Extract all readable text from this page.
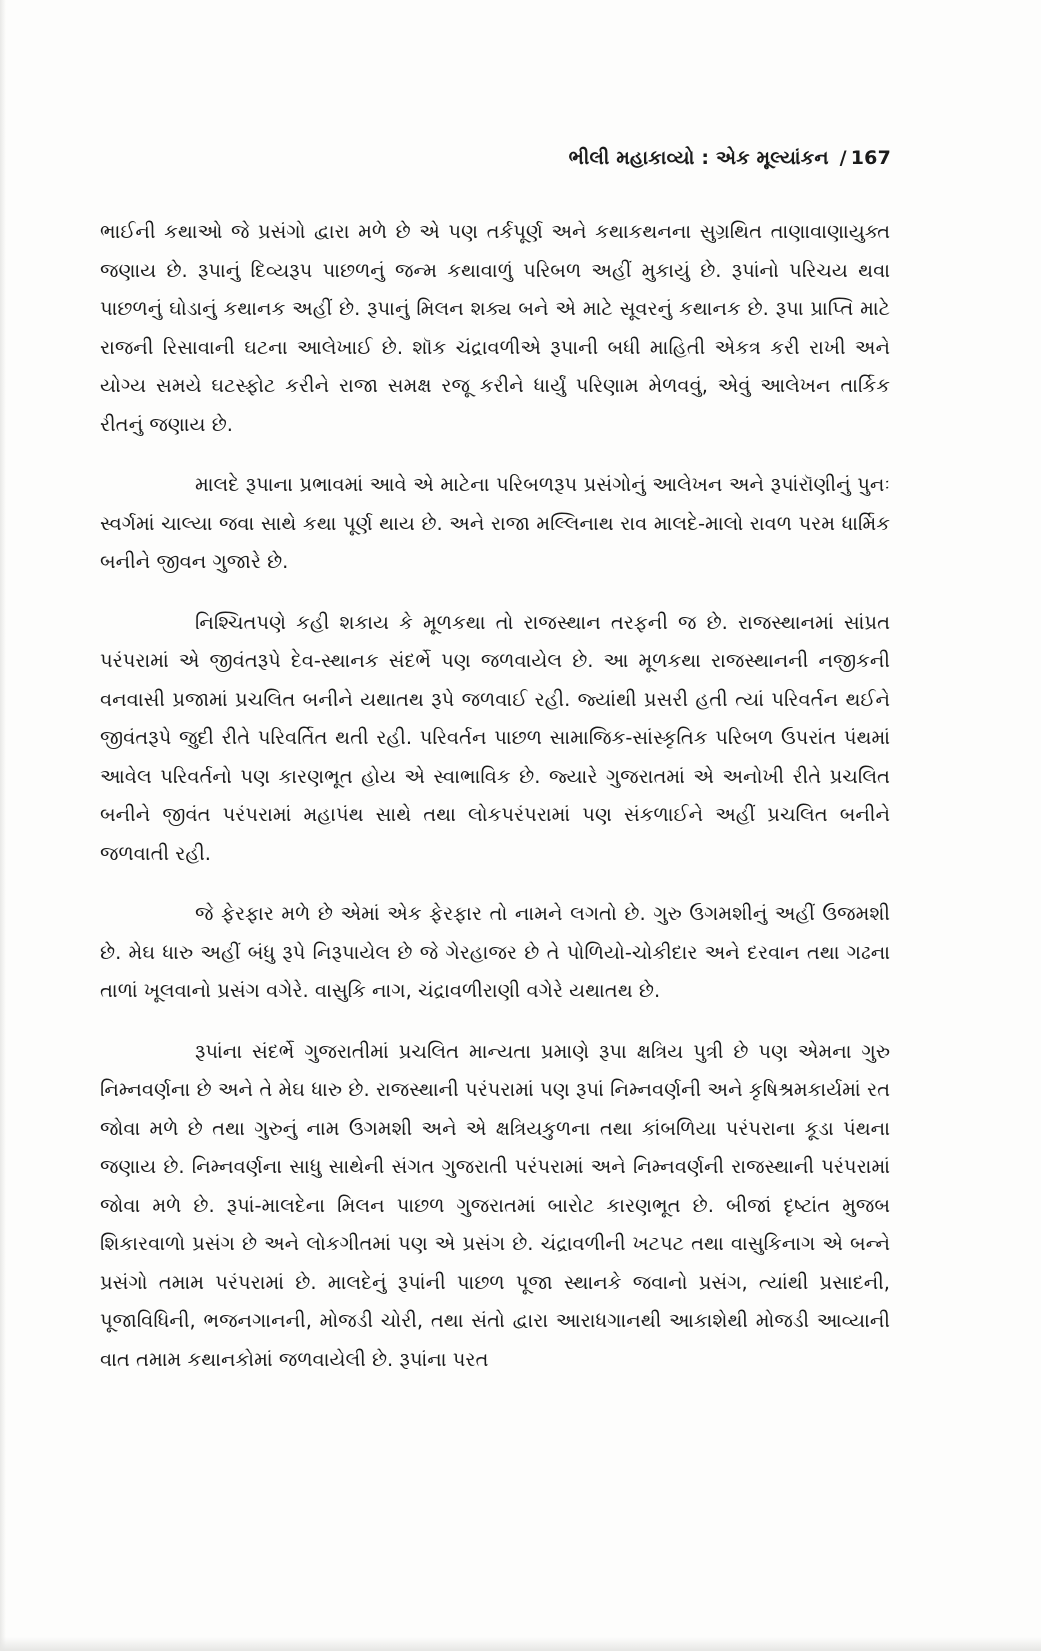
ભીલી મહાકાવ્યો : એક મૂલ્યાંકન / 167

ભાઈની કથાઓ જે પ્રસંગો દ્વારા મળે છે એ પણ તર્કપૂર્ણ અને કથાકથનના સુગ્રથિત તાણાવાણાયુક્ત જણાય છે. રૂપાનું દિવ્યરૂપ પાછળનું જન્મ કથાવાળું પરિબળ અહીં મુકાયું છે. રૂપાંનો પરિચય થવા પાછળનું ઘોડાનું કથાનક અહીં છે. રૂપાનું મિલન શક્ય બને એ માટે સૂવરનું કથાનક છે. રૂપા પ્રાપ્તિ માટે રાજની રિસાવાની ઘટના આલેખાઈ છે. શૉક ચંદ્રાવળીએ રૂપાની બધી માહિતી એકત્ર કરી રાખી અને યોગ્ય સમયે ઘટસ્ફોટ કરીને રાજા સમક્ષ રજૂ કરીને ધાર્યું પરિણામ મેળવવું, એવું આલેખન તાર્કિક રીતનું જણાય છે.

માલદે રૂપાના પ્રભાવમાં આવે એ માટેના પરિબળરૂપ પ્રસંગોનું આલેખન અને રૂપાંરૉણીનું પુનઃ સ્વર્ગમાં ચાલ્યા જવા સાથે કથા પૂર્ણ થાય છે. અને રાજા મલ્લિનાથ રાવ માલદે-માલો રાવળ પરમ ધાર્મિક બનીને જીવન ગુજારે છે.

નિશ્ચિતપણે કહી શકાય કે મૂળકથા તો રાજસ્થાન તરફની જ છે. રાજસ્થાનમાં સાંપ્રત પરંપરામાં એ જીવંતરૂપે દેવ-સ્થાનક સંદર્ભે પણ જળવાયેલ છે. આ મૂળકથા રાજસ્થાનની નજીકની વનવાસી પ્રજામાં પ્રચલિત બનીને યથાતથ રૂપે જળવાઈ રહી. જ્યાંથી પ્રસરી હતી ત્યાં પરિવર્તન થઈને જીવંતરૂપે જુદી રીતે પરિવર્તિત થતી રહી. પરિવર્તન પાછળ સામાજિક-સાંસ્કૃતિક પરિબળ ઉપરાંત પંથમાં આવેલ પરિવર્તનો પણ કારણભૂત હોય એ સ્વાભાવિક છે. જ્યારે ગુજરાતમાં એ અનોખી રીતે પ્રચલિત બનીને જીવંત પરંપરામાં મહાપંથ સાથે તથા લોકપરંપરામાં પણ સંકળાઈને અહીં પ્રચલિત બનીને જળવાતી રહી.

જે ફેરફાર મળે છે એમાં એક ફેરફાર તો નામને લગતો છે. ગુરુ ઉગમશીનું અહીં ઉજમશી છે. મેઘ ધારુ અહીં બંધુ રૂપે નિરૂપાયેલ છે જે ગેરહાજર છે તે પોળિયો-ચોકીદાર અને દરવાન તથા ગઢના તાળાં ખૂલવાનો પ્રસંગ વગેરે. વાસુકિ નાગ, ચંદ્રાવળીરાણી વગેરે યથાતથ છે.

રૂપાંના સંદર્ભે ગુજરાતીમાં પ્રચલિત માન્યતા પ્રમાણે રૂપા ક્ષત્રિય પુત્રી છે પણ એમના ગુરુ નિમ્નવર્ણના છે અને તે મેઘ ધારુ છે. રાજસ્થાની પરંપરામાં પણ રૂપાં નિમ્નવર્ણની અને કૃષિશ્રમકાર્યમાં રત જોવા મળે છે તથા ગુરુનું નામ ઉગમશી અને એ ક્ષત્રિયકુળના તથા કાંબળિયા પરંપરાના કૂડા પંથના જણાય છે. નિમ્નવર્ણના સાધુ સાથેની સંગત ગુજરાતી પરંપરામાં અને નિમ્નવર્ણની રાજસ્થાની પરંપરામાં જોવા મળે છે. રૂપાં-માલદેના મિલન પાછળ ગુજરાતમાં બારોટ કારણભૂત છે. બીજાં દૃષ્ટાંત મુજબ શિકારવાળો પ્રસંગ છે અને લોકગીતમાં પણ એ પ્રસંગ છે. ચંદ્રાવળીની ખટપટ તથા વાસુકિનાગ એ બન્ને પ્રસંગો તમામ પરંપરામાં છે. માલદેનું રૂપાંની પાછળ પૂજા સ્થાનકે જવાનો પ્રસંગ, ત્યાંથી પ્રસાદની, પૂજાવિધિની, ભજનગાનની, મોજડી ચોરી, તથા સંતો દ્વારા આરાધગાનથી આકાશેથી મોજડી આવ્યાની વાત તમામ કથાનકોમાં જળવાયેલી છે. રૂપાંના પરત
